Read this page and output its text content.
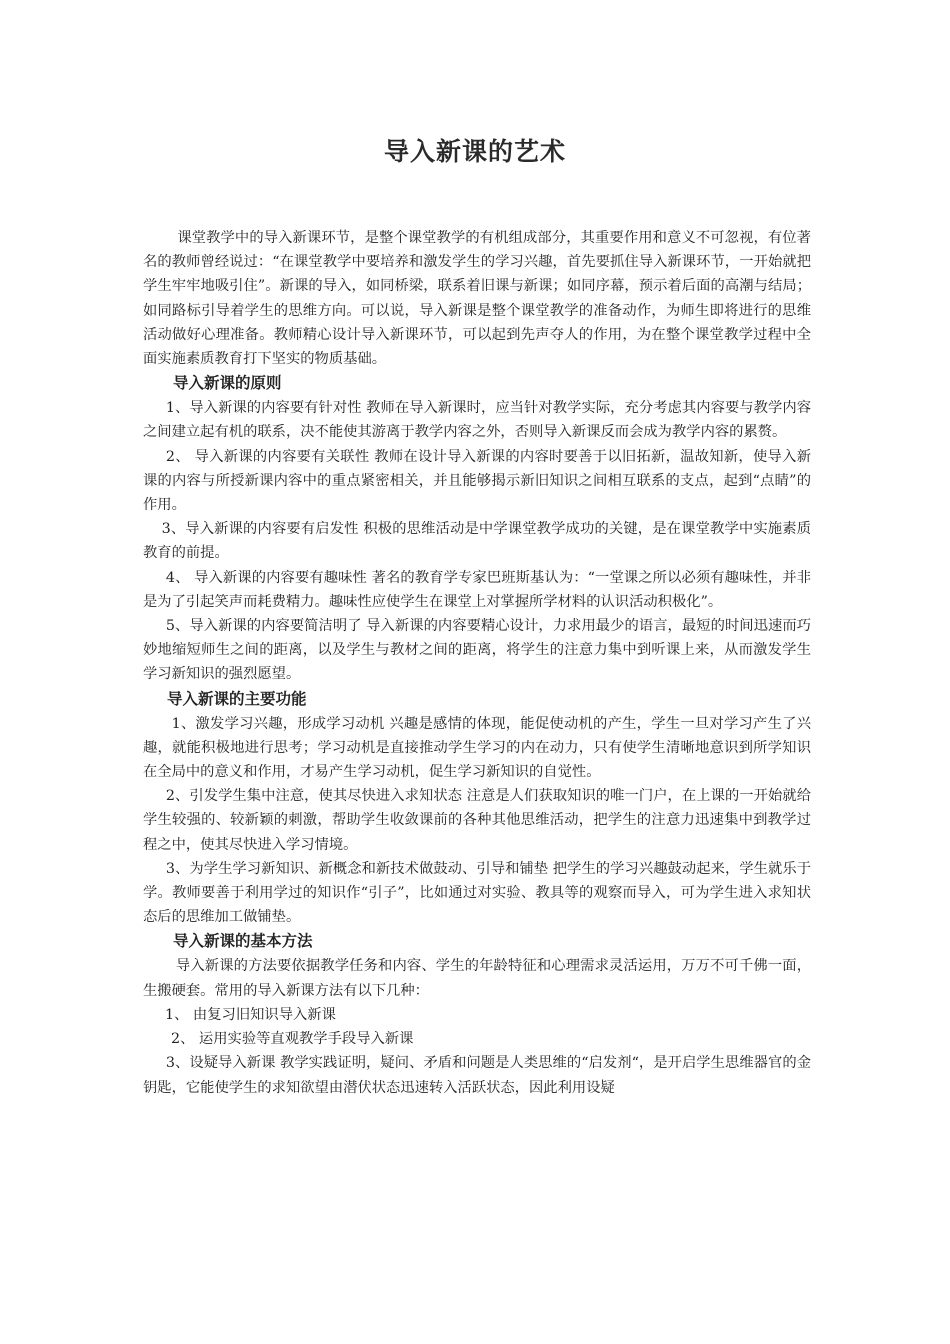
导入新课的艺术

课堂教学中的导入新课环节，是整个课堂教学的有机组成部分，其重要作用和意义不可忽视，有位著名的教师曾经说过：“在课堂教学中要培养和激发学生的学习兴趣，首先要抓住导入新课环节，一开始就把学生牢牢地吸引住”。新课的导入，如同桥梁，联系着旧课与新课；如同序幕，预示着后面的高潮与结局；如同路标引导着学生的思维方向。可以说，导入新课是整个课堂教学的准备动作，为师生即将进行的思维活动做好心理准备。教师精心设计导入新课环节，可以起到先声夺人的作用，为在整个课堂教学过程中全面实施素质教育打下坚实的物质基础。

导入新课的原则

1、导入新课的内容要有针对性 教师在导入新课时，应当针对教学实际，充分考虑其内容要与教学内容之间建立起有机的联系，决不能使其游离于教学内容之外，否则导入新课反而会成为教学内容的累赘。

2、 导入新课的内容要有关联性 教师在设计导入新课的内容时要善于以旧拓新，温故知新，使导入新课的内容与所授新课内容中的重点紧密相关，并且能够揭示新旧知识之间相互联系的支点，起到“点睛”的作用。

3、导入新课的内容要有启发性 积极的思维活动是中学课堂教学成功的关键，是在课堂教学中实施素质教育的前提。

4、 导入新课的内容要有趣味性 著名的教育学专家巴班斯基认为：“一堂课之所以必须有趣味性，并非是为了引起笑声而耗费精力。趣味性应使学生在课堂上对掌握所学材料的认识活动积极化”。

5、导入新课的内容要简洁明了 导入新课的内容要精心设计，力求用最少的语言，最短的时间迅速而巧妙地缩短师生之间的距离，以及学生与教材之间的距离，将学生的注意力集中到听课上来，从而激发学生学习新知识的强烈愿望。

导入新课的主要功能

1、激发学习兴趣，形成学习动机 兴趣是感情的体现，能促使动机的产生，学生一旦对学习产生了兴趣，就能积极地进行思考；学习动机是直接推动学生学习的内在动力，只有使学生清晰地意识到所学知识在全局中的意义和作用，才易产生学习动机，促生学习新知识的自觉性。

2、引发学生集中注意，使其尽快进入求知状态 注意是人们获取知识的唯一门户，在上课的一开始就给学生较强的、较新颖的刺激，帮助学生收敛课前的各种其他思维活动，把学生的注意力迅速集中到教学过程之中，使其尽快进入学习情境。

3、为学生学习新知识、新概念和新技术做鼓动、引导和铺垫 把学生的学习兴趣鼓动起来，学生就乐于学。教师要善于利用学过的知识作“引子”，比如通过对实验、教具等的观察而导入，可为学生进入求知状态后的思维加工做铺垫。

导入新课的基本方法

导入新课的方法要依据教学任务和内容、学生的年龄特征和心理需求灵活运用，万万不可千佛一面，生搬硬套。常用的导入新课方法有以下几种：

1、 由复习旧知识导入新课

2、 运用实验等直观教学手段导入新课

3、设疑导入新课 教学实践证明，疑问、矛盾和问题是人类思维的“启发剂“，是开启学生思维器官的金钥匙，它能使学生的求知欲望由潜伏状态迅速转入活跃状态，因此利用设疑
